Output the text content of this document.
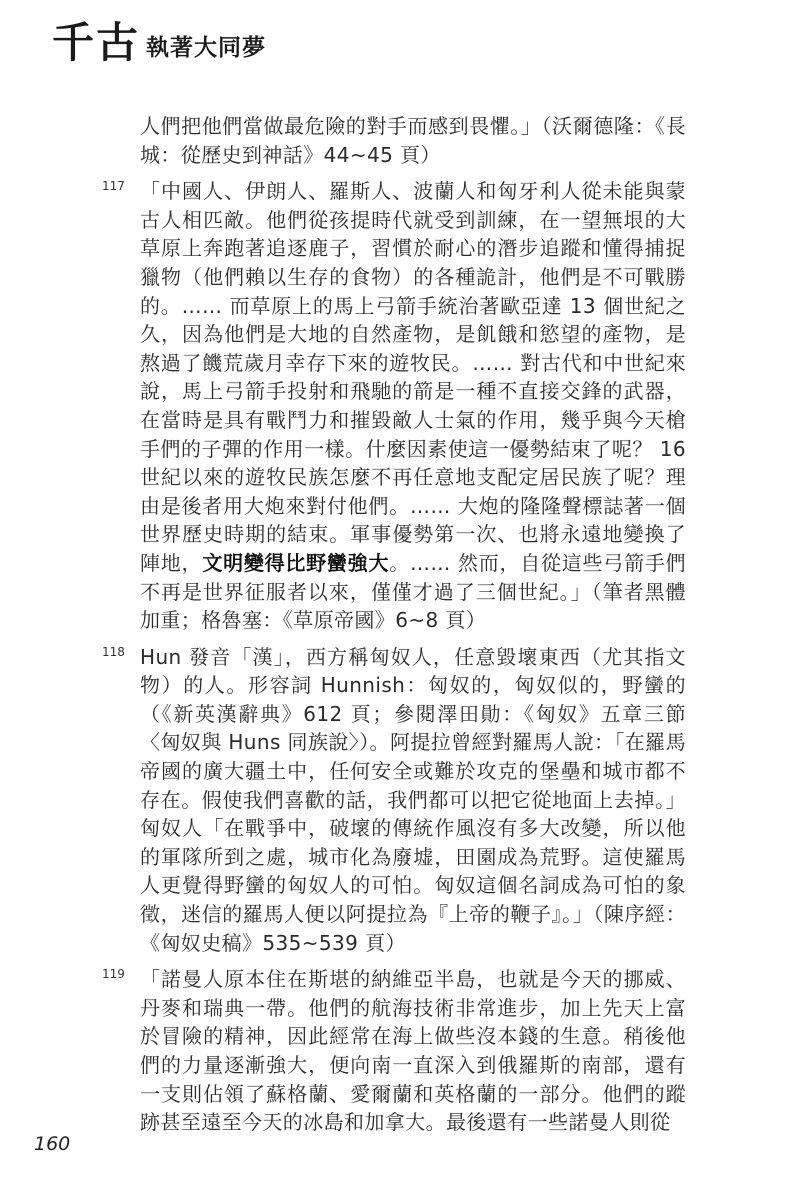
千古 執著大同夢

人們把他們當做最危險的對手而感到畏懼。」（沃爾德隆：《長城：從歷史到神話》44~45 頁）

117 「中國人、伊朗人、羅斯人、波蘭人和匈牙利人從未能與蒙古人相匹敵。他們從孩提時代就受到訓練，在一望無垠的大草原上奔跑著追逐鹿子，習慣於耐心的潛步追蹤和懂得捕捉獵物（他們賴以生存的食物）的各種詭計，他們是不可戰勝的。…… 而草原上的馬上弓箭手統治著歐亞達 13 個世紀之久，因為他們是大地的自然產物，是飢餓和慾望的產物，是熬過了饑荒歲月幸存下來的遊牧民。…… 對古代和中世紀來說，馬上弓箭手投射和飛馳的箭是一種不直接交鋒的武器，在當時是具有戰鬥力和摧毀敵人士氣的作用，幾乎與今天槍手們的子彈的作用一樣。什麼因素使這一優勢結束了呢？ 16世紀以來的遊牧民族怎麼不再任意地支配定居民族了呢？理由是後者用大炮來對付他們。…… 大炮的隆隆聲標誌著一個世界歷史時期的結束。軍事優勢第一次、也將永遠地變換了陣地，文明變得比野蠻強大。…… 然而，自從這些弓箭手們不再是世界征服者以來，僅僅才過了三個世紀。」（筆者黑體加重；格魯塞：《草原帝國》6~8 頁）
118 Hun 發音「漢」，西方稱匈奴人，任意毀壞東西（尤其指文物）的人。形容詞 Hunnish：匈奴的，匈奴似的，野蠻的（《新英漢辭典》612 頁；參閱澤田勛：《匈奴》五章三節〈匈奴與 Huns 同族說〉）。阿提拉曾經對羅馬人說：「在羅馬帝國的廣大疆土中，任何安全或難於攻克的堡壘和城市都不存在。假使我們喜歡的話，我們都可以把它從地面上去掉。」匈奴人「在戰爭中，破壞的傳統作風沒有多大改變，所以他的軍隊所到之處，城市化為廢墟，田園成為荒野。這使羅馬人更覺得野蠻的匈奴人的可怕。匈奴這個名詞成為可怕的象徵，迷信的羅馬人便以阿提拉為『上帝的鞭子』。」（陳序經：《匈奴史稿》535~539 頁）
119 「諾曼人原本住在斯堪的納維亞半島，也就是今天的挪威、丹麥和瑞典一帶。他們的航海技術非常進步，加上先天上富於冒險的精神，因此經常在海上做些沒本錢的生意。稍後他們的力量逐漸強大，便向南一直深入到俄羅斯的南部，還有一支則佔領了蘇格蘭、愛爾蘭和英格蘭的一部分。他們的蹤跡甚至遠至今天的冰島和加拿大。最後還有一些諾曼人則從
160
